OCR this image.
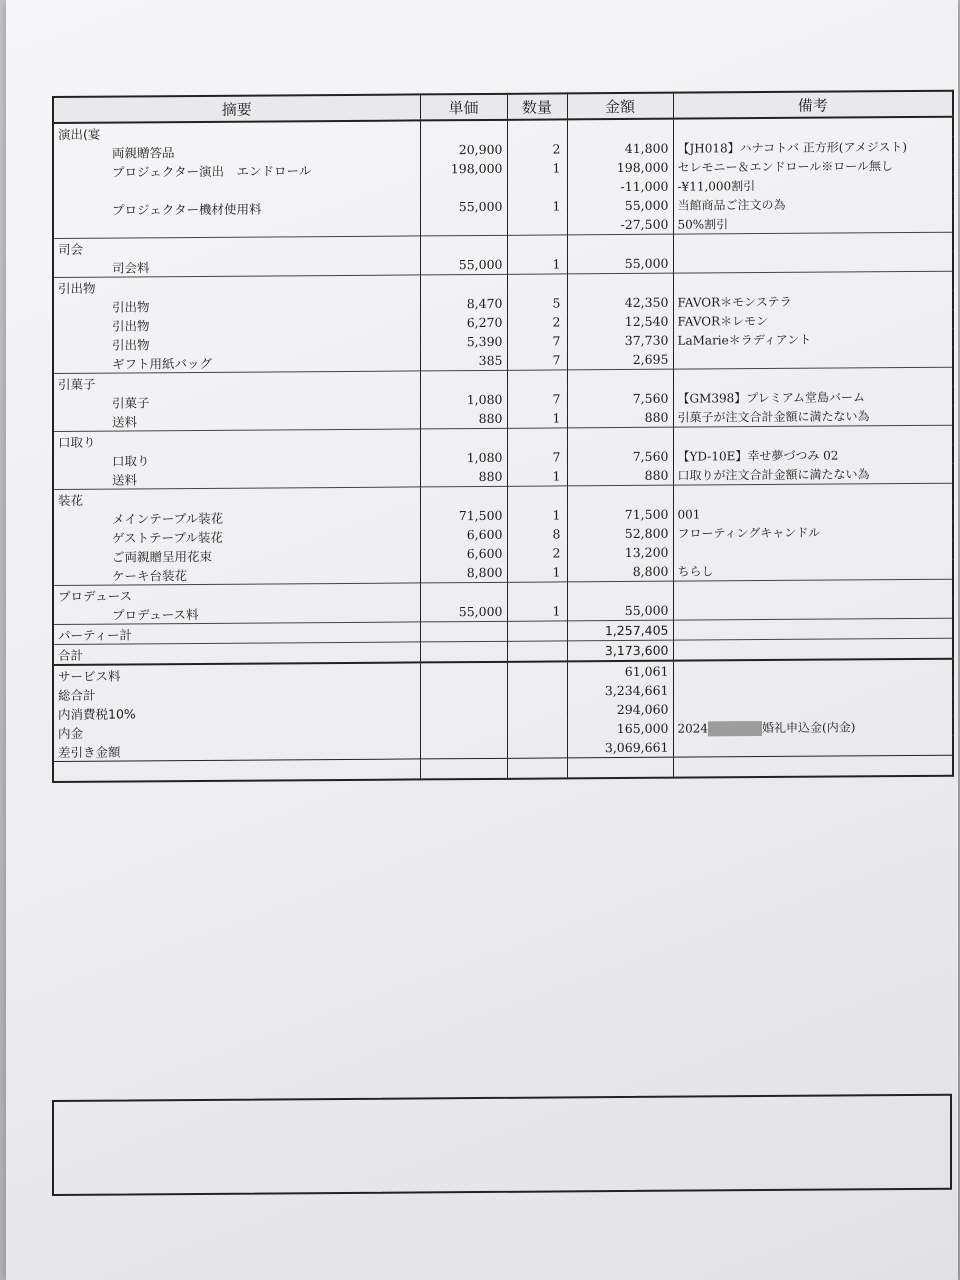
摘要	単価	数量	金額	備考
演出(宴				
両親贈答品	20,900	2	41,800	【JH018】ハナコトバ 正方形(アメジスト)
プロジェクター演出　エンドロール	198,000	1	198,000	セレモニー＆エンドロール※ロール無し
			-11,000	-¥11,000割引
プロジェクター機材使用料	55,000	1	55,000	当館商品ご注文の為
			-27,500	50%割引
司会				
司会料	55,000	1	55,000	
引出物				
引出物	8,470	5	42,350	FAVOR＊モンステラ
引出物	6,270	2	12,540	FAVOR＊レモン
引出物	5,390	7	37,730	LaMarie＊ラディアント
ギフト用紙バッグ	385	7	2,695	
引菓子				
引菓子	1,080	7	7,560	【GM398】プレミアム堂島バーム
送料	880	1	880	引菓子が注文合計金額に満たない為
口取り				
口取り	1,080	7	7,560	【YD-10E】幸せ夢づつみ 02
送料	880	1	880	口取りが注文合計金額に満たない為
装花				
メインテーブル装花	71,500	1	71,500	001
ゲストテーブル装花	6,600	8	52,800	フローティングキャンドル
ご両親贈呈用花束	6,600	2	13,200	
ケーキ台装花	8,800	1	8,800	ちらし
プロデュース				
プロデュース料	55,000	1	55,000	
パーティー計			1,257,405	
合計			3,173,600	
サービス料			61,061	
総合計			3,234,661	
内消費税10%			294,060	
内金			165,000	2024 婚礼申込金(内金)
差引き金額			3,069,661	
